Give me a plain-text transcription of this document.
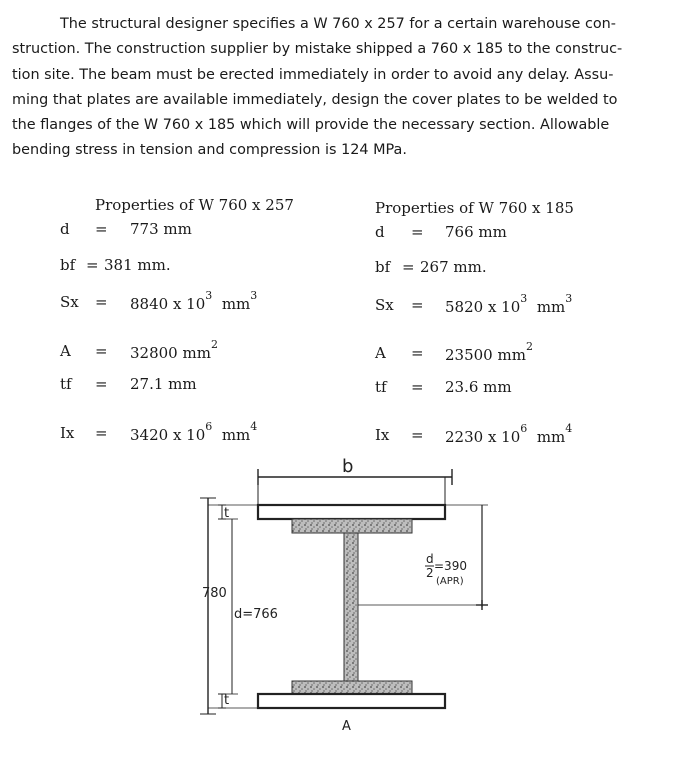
The structural designer specifies a W 760 x 257 for a certain warehouse con-
struction. The construction supplier by mistake shipped a 760 x 185 to the construc-
tion site. The beam must be erected immediately in order to avoid any delay. Assu-
ming that plates are available immediately, design the cover plates to be welded to
the flanges of the W 760 x 185 which will provide the necessary section. Allowable
bending stress in tension and compression is 124 MPa.
Properties of W 760 x 257
d = 773 mm
bf = 381 mm.
Sx = 8840 x $10^3$ $mm^3$
A = 32800 $mm^2$
tf = 27.1 mm
Ix = 3420 x $10^6$ $mm^4$
Properties of W 760 x 185
d = 766 mm
bf = 267 mm.
Sx = 5820 x $10^3$ $mm^3$
A = 23500 $mm^2$
tf = 23.6 mm
Ix = 2230 x $10^6$ $mm^4$
b
780
t
t
d=766
d
2 =390
(APR)
A
